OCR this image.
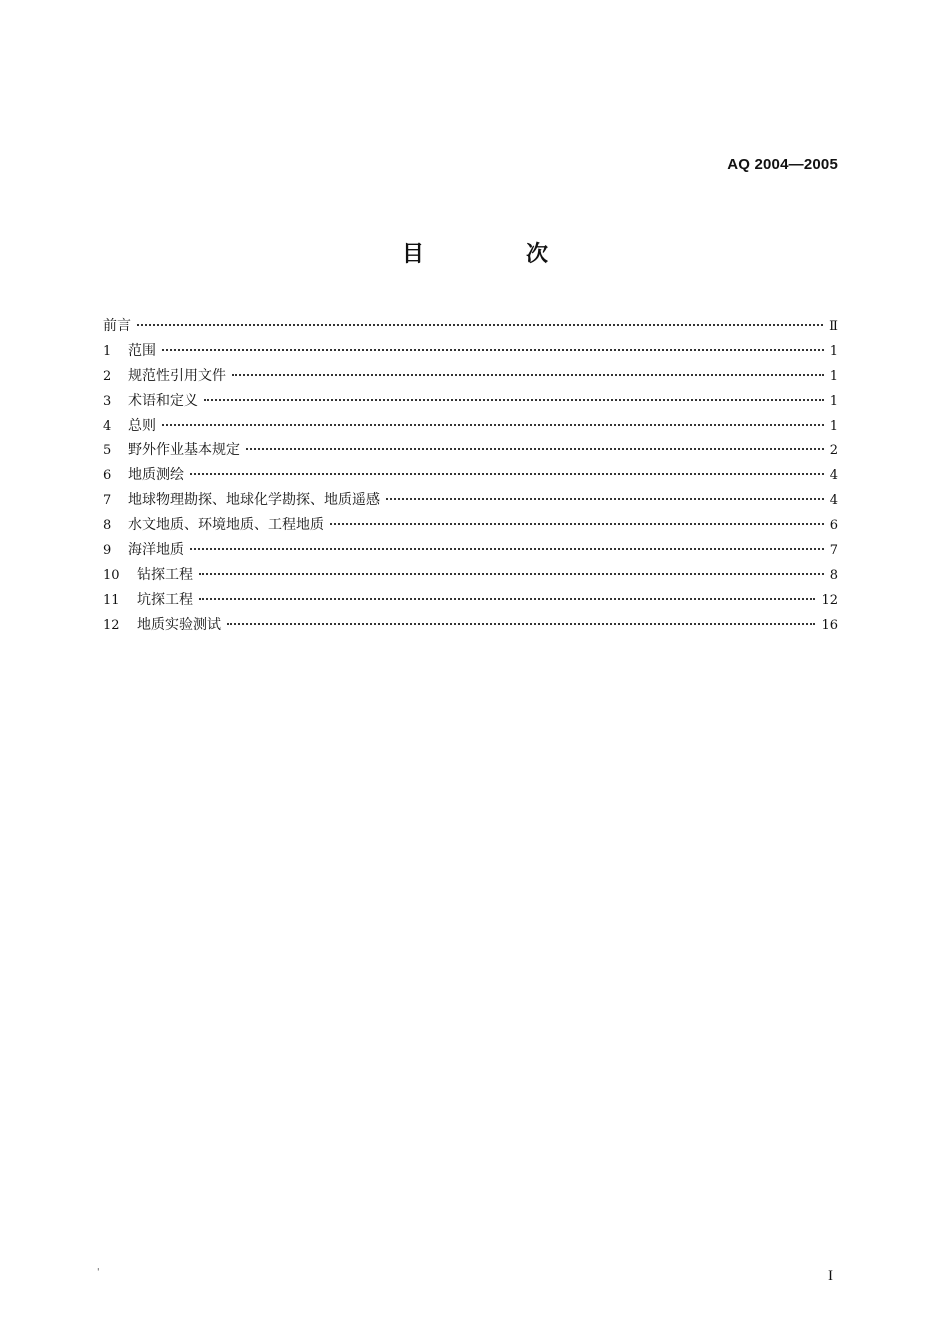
AQ 2004—2005
目　次
前言	Ⅱ
1	范围	1
2	规范性引用文件	1
3	术语和定义	1
4	总则	1
5	野外作业基本规定	2
6	地质测绘	4
7	地球物理勘探、地球化学勘探、地质遥感	4
8	水文地质、环境地质、工程地质	6
9	海洋地质	7
10	钻探工程	8
11	坑探工程	12
12	地质实验测试	16
'	I
